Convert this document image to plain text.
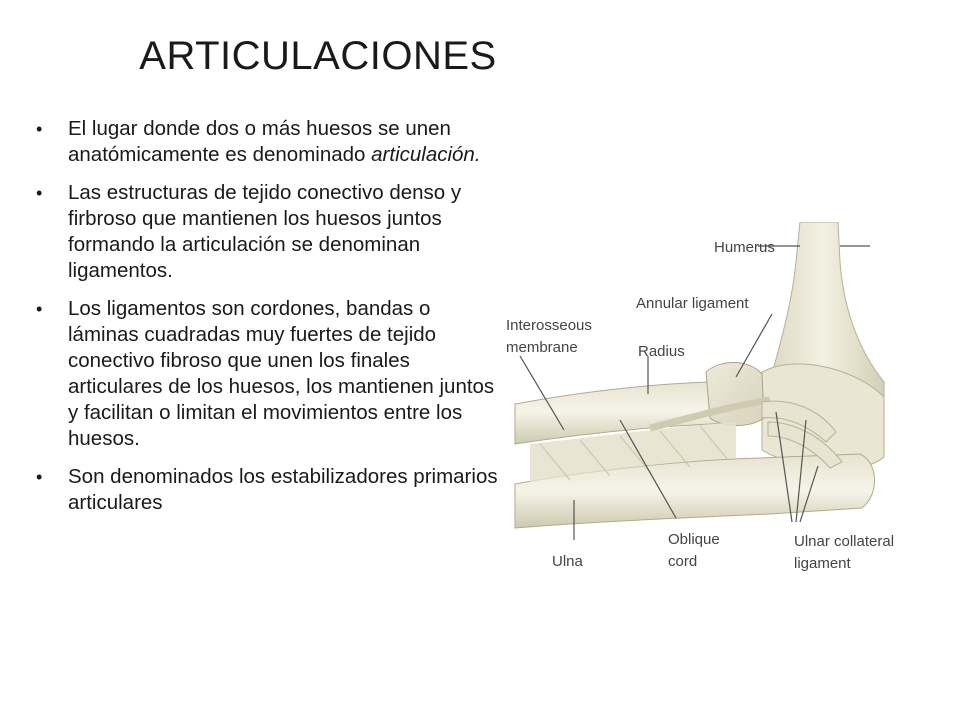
ARTICULACIONES
• El lugar donde dos o más huesos se unen anatómicamente es denominado articulación.
• Las estructuras de tejido conectivo denso y firbroso que mantienen los huesos juntos formando la articulación se denominan ligamentos.
• Los ligamentos son cordones, bandas o láminas cuadradas muy fuertes de tejido conectivo fibroso que unen los finales articulares de los huesos, los mantienen juntos y facilitan o limitan el movimientos entre los huesos.
• Son denominados los estabilizadores primarios articulares
Humerus
Annular ligament
Interosseous
membrane	Radius
Ulna
Oblique
cord
Ulnar collateral
ligament
